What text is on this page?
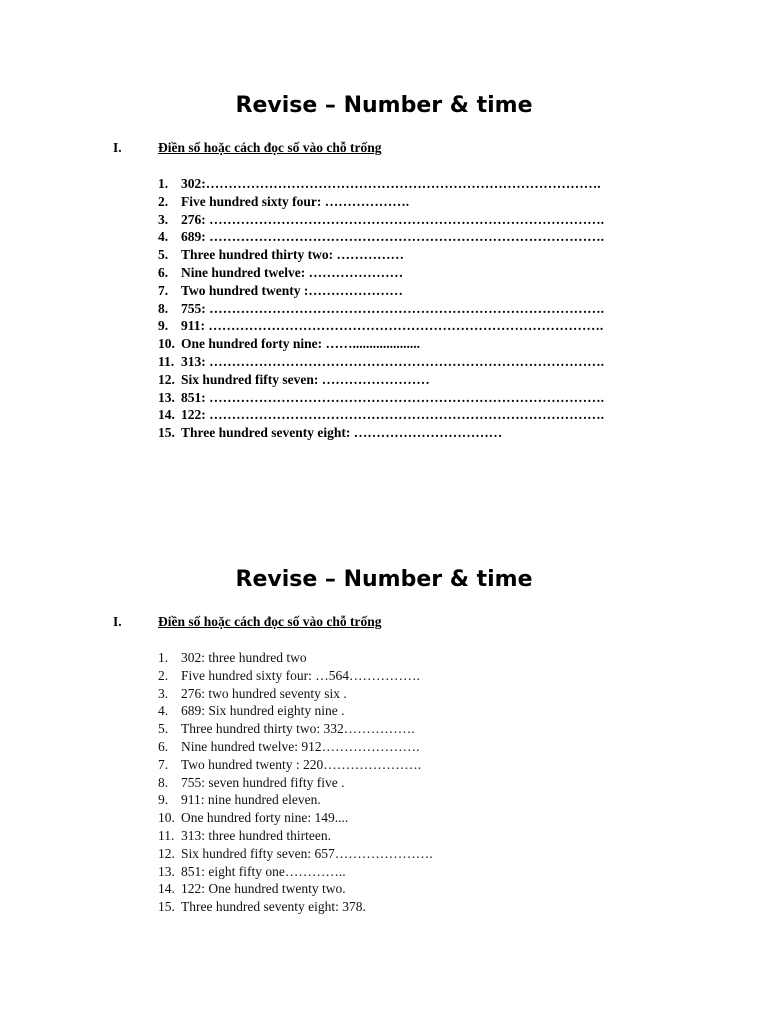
Revise – Number & time
I.	Điền số hoặc cách đọc số vào chỗ trống
1. 302:…………………………………………………………………………….
2. Five hundred sixty four: ……………….
3. 276: …………………………………………………………………………….
4. 689: …………………………………………………………………………….
5. Three hundred thirty two: ……………
6. Nine hundred twelve: …………………
7. Two hundred twenty :…………………
8. 755: …………………………………………………………………………….
9. 911: …………………………………………………………………………….
10. One hundred forty nine: ……....................
11. 313: …………………………………………………………………………….
12. Six hundred fifty seven: ……………………
13. 851: …………………………………………………………………………….
14. 122: …………………………………………………………………………….
15. Three hundred seventy eight: ……………………………
Revise – Number & time
I.	Điền số hoặc cách đọc số vào chỗ trống
1. 302: three hundred two
2. Five hundred sixty four: …564…………….
3. 276: two hundred seventy six .
4. 689: Six hundred eighty nine .
5. Three hundred thirty two: 332…………….
6. Nine hundred twelve: 912………………….
7. Two hundred twenty : 220………………….
8. 755: seven hundred fifty five .
9. 911: nine hundred eleven.
10. One hundred forty nine: 149....
11. 313: three hundred thirteen.
12. Six hundred fifty seven: 657………………….
13. 851: eight fifty one…………..
14. 122: One hundred twenty two.
15. Three hundred seventy eight: 378.
